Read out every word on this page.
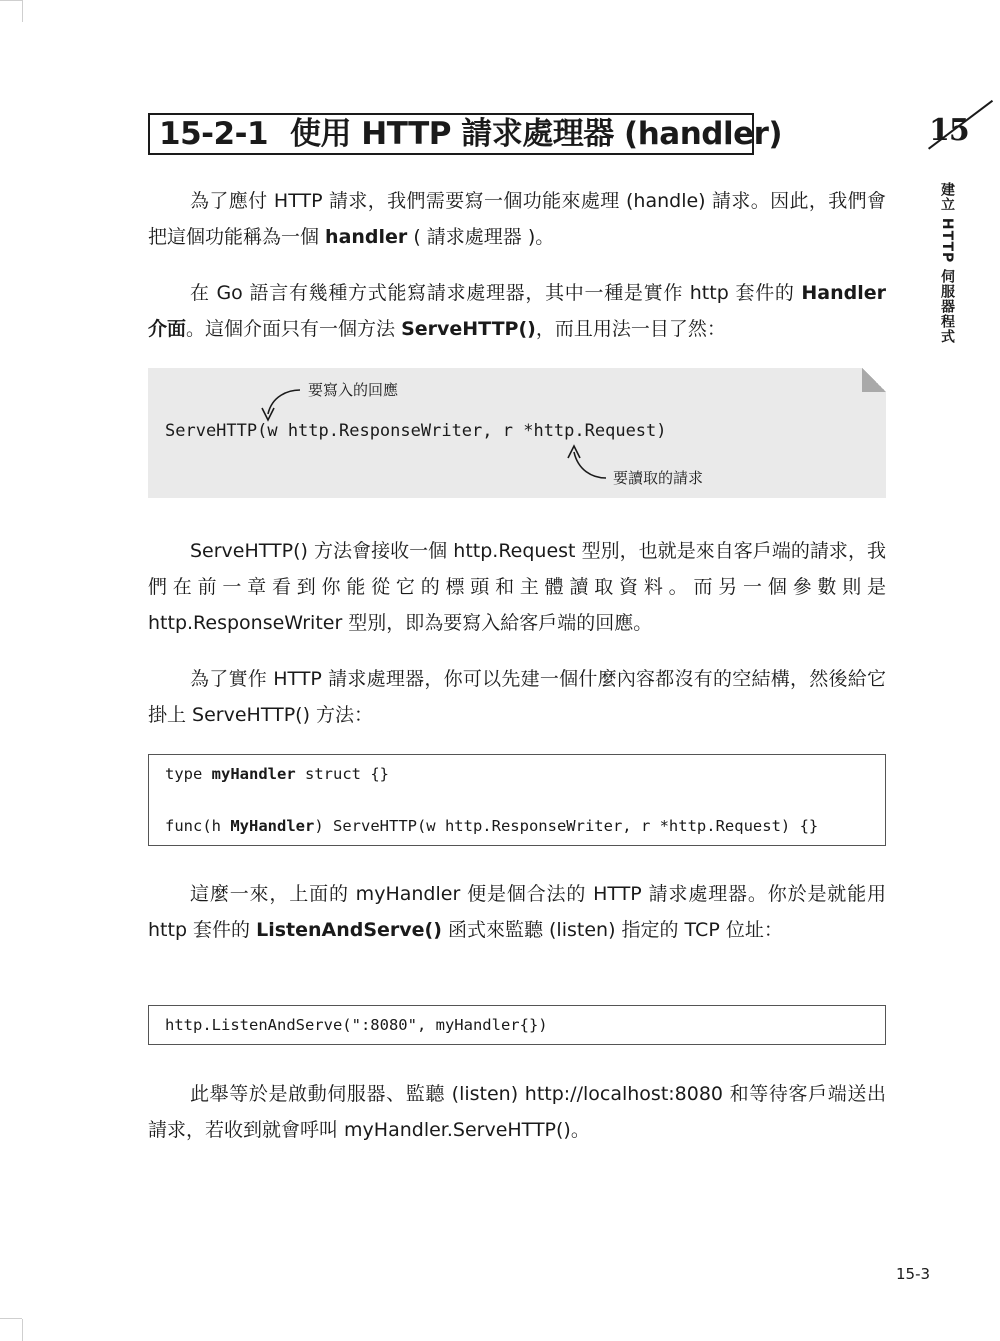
15-2-1 使用 HTTP 請求處理器 (handler)	15
建立 HTTP 伺服器程式

為了應付 HTTP 請求，我們需要寫一個功能來處理 (handle) 請求。因此，我們會把這個功能稱為一個 handler ( 請求處理器 )。

在 Go 語言有幾種方式能寫請求處理器，其中一種是實作 http 套件的 Handler 介面。這個介面只有一個方法 ServeHTTP()，而且用法一目了然：

要寫入的回應
ServeHTTP(w http.ResponseWriter, r *http.Request)
要讀取的請求

ServeHTTP() 方法會接收一個 http.Request 型別，也就是來自客戶端的請求，我們在前一章看到你能從它的標頭和主體讀取資料。而另一個參數則是 http.ResponseWriter 型別，即為要寫入給客戶端的回應。

為了實作 HTTP 請求處理器，你可以先建一個什麼內容都沒有的空結構，然後給它掛上 ServeHTTP() 方法：

type myHandler struct {}
func(h MyHandler) ServeHTTP(w http.ResponseWriter, r *http.Request) {}

這麼一來，上面的 myHandler 便是個合法的 HTTP 請求處理器。你於是就能用 http 套件的 ListenAndServe() 函式來監聽 (listen) 指定的 TCP 位址：

http.ListenAndServe(":8080", myHandler{})

此舉等於是啟動伺服器、監聽 (listen) http://localhost:8080 和等待客戶端送出請求，若收到就會呼叫 myHandler.ServeHTTP()。

15-3
